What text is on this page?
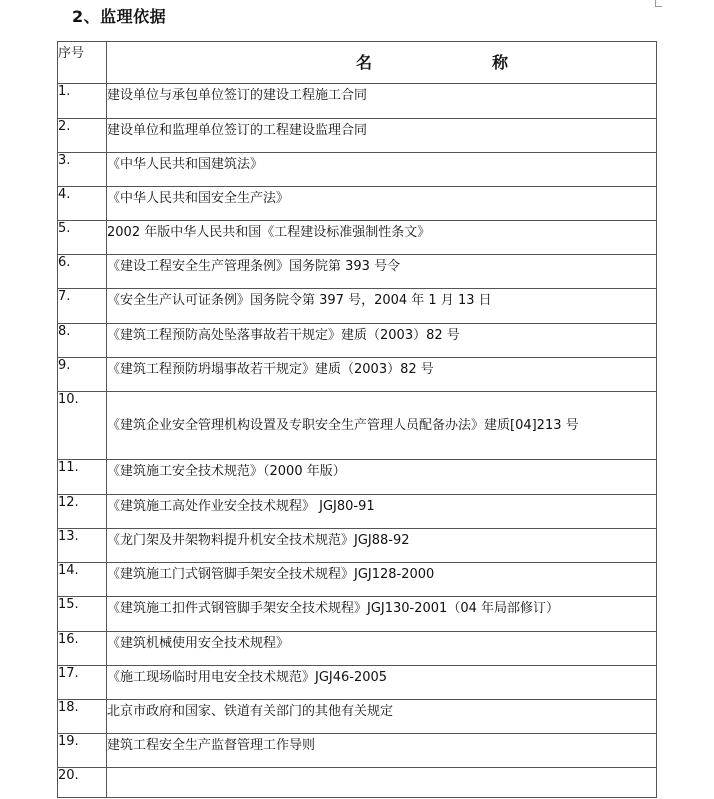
2、监理依据
序号	名 称

1.	建设单位与承包单位签订的建设工程施工合同
2.	建设单位和监理单位签订的工程建设监理合同
3.	《中华人民共和国建筑法》
4.	《中华人民共和国安全生产法》
5.	2002 年版中华人民共和国《工程建设标准强制性条文》
6.	《建设工程安全生产管理条例》国务院第 393 号令
7.	《安全生产认可证条例》国务院令第 397 号，2004 年 1 月 13 日
8.	《建筑工程预防高处坠落事故若干规定》建质（2003）82 号
9.	《建筑工程预防坍塌事故若干规定》建质（2003）82 号
10.	《建筑企业安全管理机构设置及专职安全生产管理人员配备办法》建质[04]213 号
11.	《建筑施工安全技术规范》（2000 年版）
12.	《建筑施工高处作业安全技术规程》 JGJ80-91
13.	《龙门架及井架物料提升机安全技术规范》JGJ88-92
14.	《建筑施工门式钢管脚手架安全技术规程》JGJ128-2000
15.	《建筑施工扣件式钢管脚手架安全技术规程》JGJ130-2001（04 年局部修订）
16.	《建筑机械使用安全技术规程》
17.	《施工现场临时用电安全技术规范》JGJ46-2005
18.	北京市政府和国家、铁道有关部门的其他有关规定
19.	建筑工程安全生产监督管理工作导则
20.	
